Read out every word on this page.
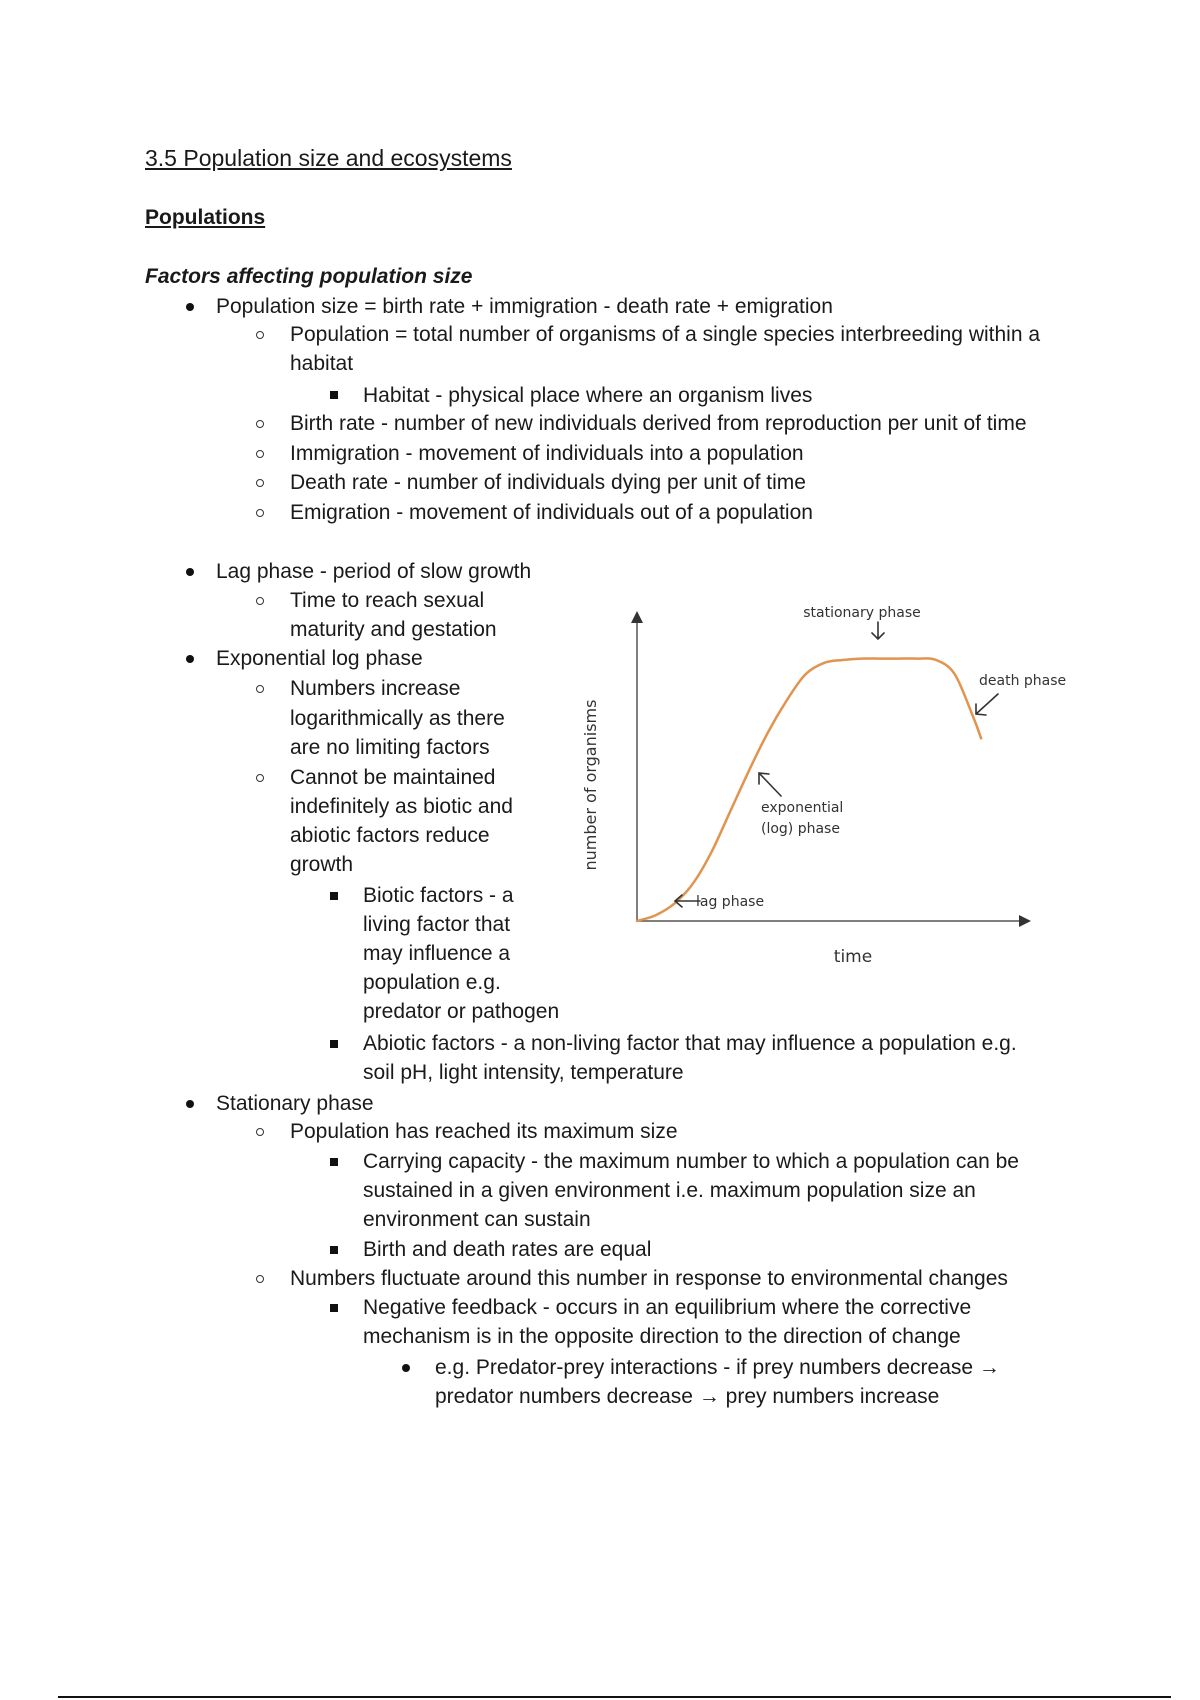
3.5 Population size and ecosystems
Populations
Factors affecting population size
Population size = birth rate + immigration - death rate + emigration
Population = total number of organisms of a single species interbreeding within a
habitat
Habitat - physical place where an organism lives
Birth rate - number of new individuals derived from reproduction per unit of time
Immigration - movement of individuals into a population
Death rate - number of individuals dying per unit of time
Emigration - movement of individuals out of a population
Lag phase - period of slow growth
Time to reach sexual
maturity and gestation
Exponential log phase
Numbers increase
logarithmically as there
are no limiting factors
Cannot be maintained
indefinitely as biotic and
abiotic factors reduce
growth
Biotic factors - a
living factor that
may influence a
population e.g.
predator or pathogen
Abiotic factors - a non-living factor that may influence a population e.g.
soil pH, light intensity, temperature
Stationary phase
Population has reached its maximum size
Carrying capacity - the maximum number to which a population can be
sustained in a given environment i.e. maximum population size an
environment can sustain
Birth and death rates are equal
Numbers fluctuate around this number in response to environmental changes
Negative feedback - occurs in an equilibrium where the corrective
mechanism is in the opposite direction to the direction of change
e.g. Predator-prey interactions - if prey numbers decrease →
predator numbers decrease → prey numbers increase
number of organisms
time
stationary phase
death phase
exponential
(log) phase
lag phase
